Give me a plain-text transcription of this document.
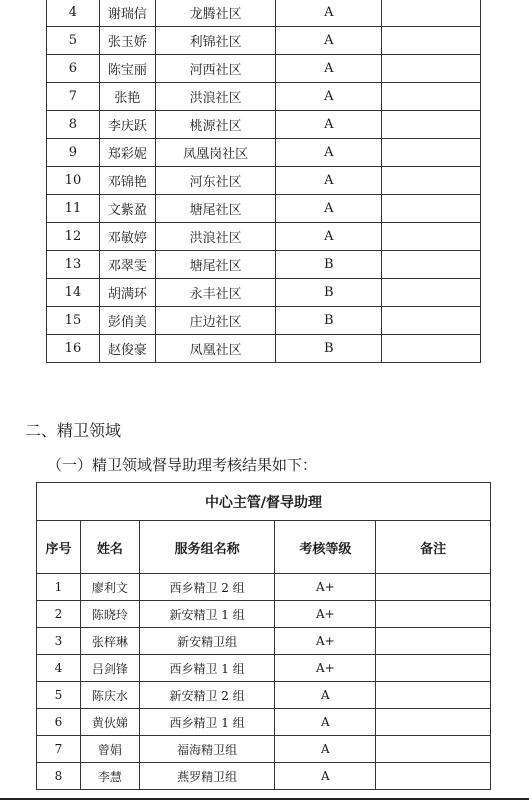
4	谢瑞信	龙腾社区	A	
5	张玉娇	利锦社区	A	
6	陈宝丽	河西社区	A	
7	张艳	洪浪社区	A	
8	李庆跃	桃源社区	A	
9	郑彩妮	凤凰岗社区	A	
10	邓锦艳	河东社区	A	
11	文紫盈	塘尾社区	A	
12	邓敏婷	洪浪社区	A	
13	邓翠雯	塘尾社区	B	
14	胡满环	永丰社区	B	
15	彭俏美	庄边社区	B	
16	赵俊豪	凤凰社区	B	
二、精卫领域
（一）精卫领域督导助理考核结果如下：
中心主管/督导助理				
序号	姓名	服务组名称	考核等级	备注
1	廖利文	西乡精卫 2 组	A+	
2	陈晓玲	新安精卫 1 组	A+	
3	张梓琳	新安精卫组	A+	
4	吕剑锋	西乡精卫 1 组	A+	
5	陈庆水	新安精卫 2 组	A	
6	黄伙娣	西乡精卫 1 组	A	
7	曾娟	福海精卫组	A	
8	李慧	燕罗精卫组	A	
